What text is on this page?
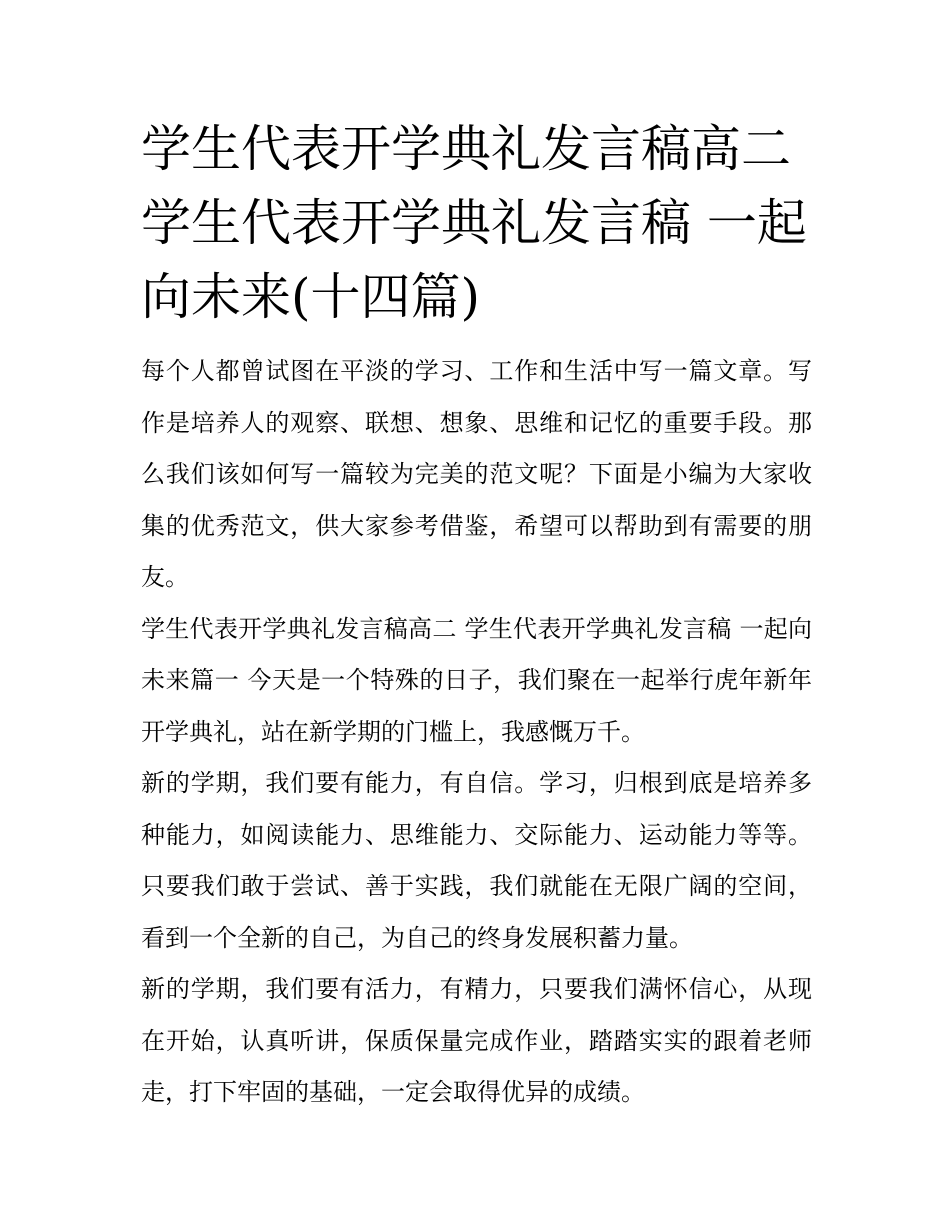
学生代表开学典礼发言稿高二 学生代表开学典礼发言稿 一起向未来(十四篇)

每个人都曾试图在平淡的学习、工作和生活中写一篇文章。写作是培养人的观察、联想、想象、思维和记忆的重要手段。那么我们该如何写一篇较为完美的范文呢？下面是小编为大家收集的优秀范文，供大家参考借鉴，希望可以帮助到有需要的朋友。

学生代表开学典礼发言稿高二 学生代表开学典礼发言稿 一起向未来篇一 今天是一个特殊的日子，我们聚在一起举行虎年新年开学典礼，站在新学期的门槛上，我感慨万千。

新的学期，我们要有能力，有自信。学习，归根到底是培养多种能力，如阅读能力、思维能力、交际能力、运动能力等等。只要我们敢于尝试、善于实践，我们就能在无限广阔的空间，看到一个全新的自己，为自己的终身发展积蓄力量。

新的学期，我们要有活力，有精力，只要我们满怀信心，从现在开始，认真听讲，保质保量完成作业，踏踏实实的跟着老师走，打下牢固的基础，一定会取得优异的成绩。
